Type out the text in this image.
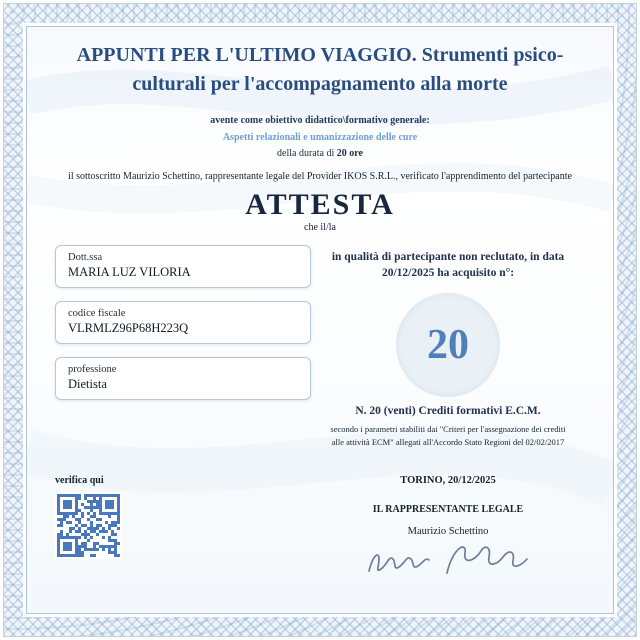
APPUNTI PER L'ULTIMO VIAGGIO. Strumenti psico-culturali per l'accompagnamento alla morte
avente come obiettivo didattico\formativo generale:
Aspetti relazionali e umanizzazione delle cure
della durata di 20 ore
il sottoscritto Maurizio Schettino, rappresentante legale del Provider IKOS S.R.L., verificato l'apprendimento del partecipante
ATTESTA
che il/la
Dott.ssa
MARIA LUZ VILORIA
codice fiscale
VLRMLZ96P68H223Q
professione
Dietista
in qualità di partecipante non reclutato, in data 20/12/2025 ha acquisito n°:
20
N. 20 (venti) Crediti formativi E.C.M.
secondo i parametri stabiliti dai "Criteri per l'assegnazione dei crediti alle attività ECM" allegati all'Accordo Stato Regioni del 02/02/2017
verifica qui	TORINO, 20/12/2025
IL RAPPRESENTANTE LEGALE
Maurizio Schettino
